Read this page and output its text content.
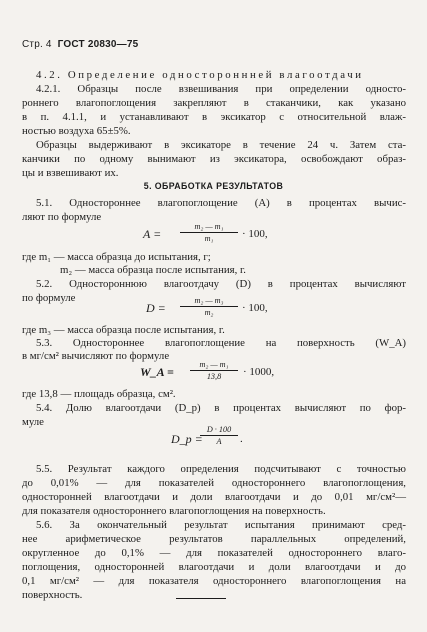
Стр. 4 ГОСТ 20830—75
4.2. Определение одностороннней влагоотдачи
4.2.1. Образцы после взвешивания при определении односто-
роннего влагопоглощения закрепляют в стаканчики, как указано
в п. 4.1.1, и устанавливают в эксикатор с относительной влаж-
ностью воздуха 65±5%.
Образцы выдерживают в эксикаторе в течение 24 ч. Затем ста-
канчики по одному вынимают из эксикатора, освобождают образ-
цы и взвешивают их.
5. ОБРАБОТКА РЕЗУЛЬТАТОВ
5.1. Одностороннее влагопоглощение (A) в процентах вычис-
ляют по формуле
A =
m₂ — m₁
m₁	· 100,
где m₁ — масса образца до испытания, г;
m₂ — масса образца после испытания, г.
5.2. Одностороннюю влагоотдачу (D) в процентах вычисляют
по формуле
D =
m₂ — m₃
m₂	· 100,
где m₃ — масса образца после испытания, г.
5.3. Одностороннее влагопоглощение на поверхность (W_A)
в мг/см² вычисляют по формуле
W_A =
m₂ — m₁
13,8	· 1000,
где 13,8 — площадь образца, см².
5.4. Долю влагоотдачи (D_p) в процентах вычисляют по фор-
муле
D_p =
D · 100
A	.
5.5. Результат каждого определения подсчитывают с точностью
до 0,01% — для показателей одностороннего влагопоглощения,
односторонней влагоотдачи и доли влагоотдачи и до 0,01 мг/см²—
для показателя одностороннего влагопоглощения на поверхность.
5.6. За окончательный результат испытания принимают сред-
нее арифметическое результатов параллельных определений,
округленное до 0,1% — для показателей одностороннего влаго-
поглощения, односторонней влагоотдачи и доли влагоотдачи и до
0,1 мг/см² — для показателя одностороннего влагопоглощения на
поверхность.
